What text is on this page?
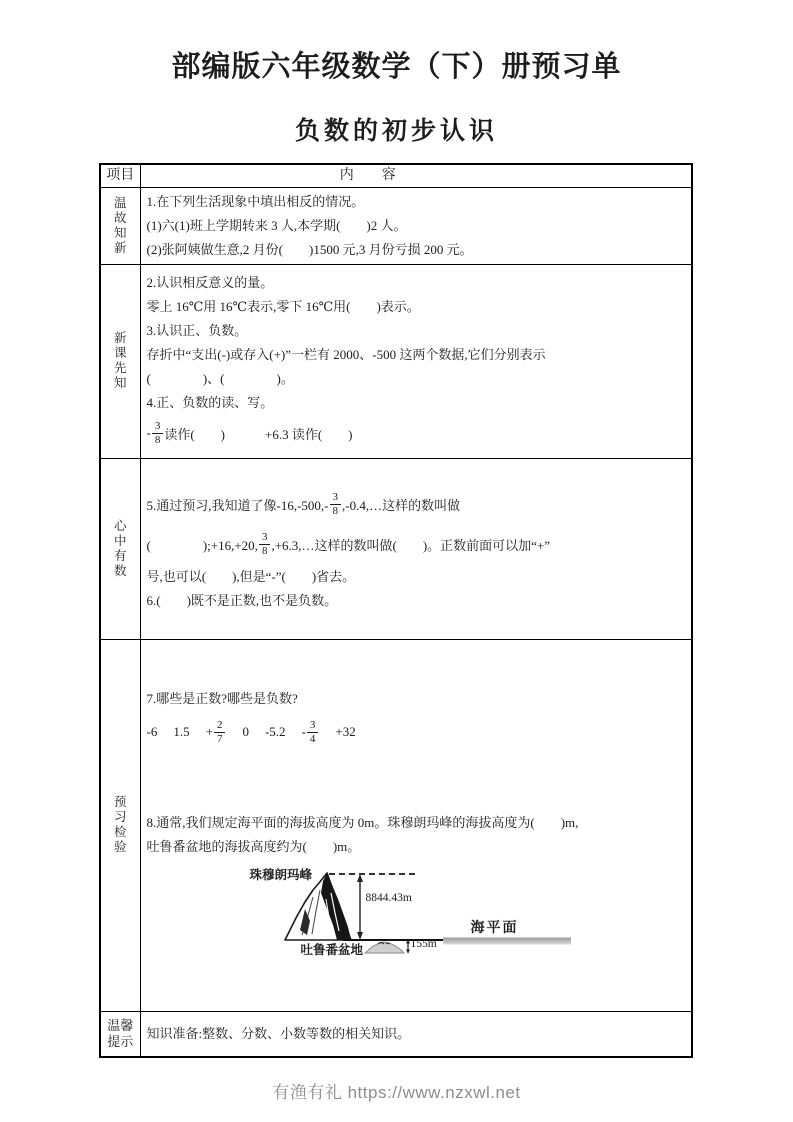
部编版六年级数学（下）册预习单
负数的初步认识
项目	内　　容

温故知新	1.在下列生活现象中填出相反的情况。
(1)六(1)班上学期转来 3 人,本学期(　　)2 人。
(2)张阿姨做生意,2 月份(　　)1500 元,3 月份亏损 200 元。

新课先知

2.认识相反意义的量。
零上 16℃用 16℃表示,零下 16℃用(　　)表示。
3.认识正、负数。
存折中“支出(-)或存入(+)”一栏有 2000、-500 这两个数据,它们分别表示
(　　　　)、(　　　　)。
4.正、负数的读、写。
- $\frac{3}{8}$ 读作(　　)	+6.3 读作(　　)

心中有数

5.通过预习,我知道了像$-16,-500,- \frac{3}{8}$ ,-0.4,…这样的数叫做
(　　　　);+16,+20, $\frac{3}{8}$ ,+6.3,…这样的数叫做(　　)。正数前面可以加“+”
号,也可以(　　),但是“-”(　　)省去。
6.(　　)既不是正数,也不是负数。

预习检验

7.哪些是正数?哪些是负数?
-6 $1.5 + \frac{2}{7} 0$ $-5.2 - \frac{3}{4} +32$
8.通常,我们规定海平面的海拔高度为 0m。珠穆朗玛峰的海拔高度为(　　)m,
吐鲁番盆地的海拔高度约为(　　)m。
珠穆朗玛峰
8844.43m
海平面
吐鲁番盆地	155m

温馨提示	知识准备:整数、分数、小数等数的相关知识。
有渔有礼 https://www.nzxwl.net
